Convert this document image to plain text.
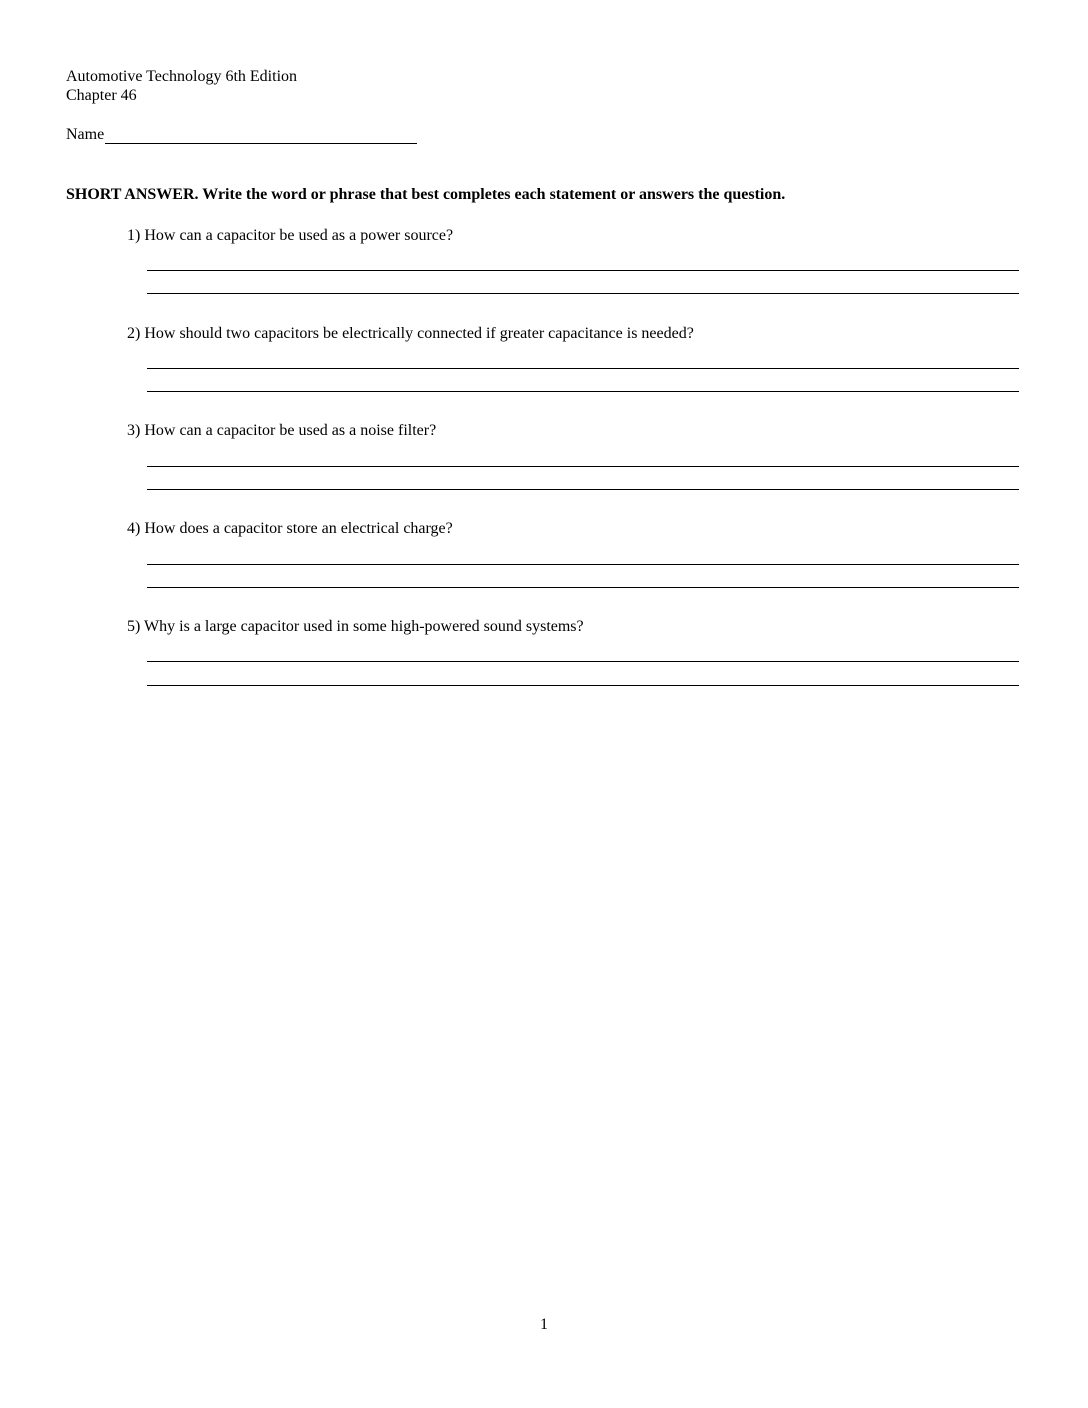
Automotive Technology 6th Edition
Chapter 46
Name
SHORT ANSWER. Write the word or phrase that best completes each statement or answers the question.
1) How can a capacitor be used as a power source?
2) How should two capacitors be electrically connected if greater capacitance is needed?
3) How can a capacitor be used as a noise filter?
4) How does a capacitor store an electrical charge?
5) Why is a large capacitor used in some high-powered sound systems?
1
